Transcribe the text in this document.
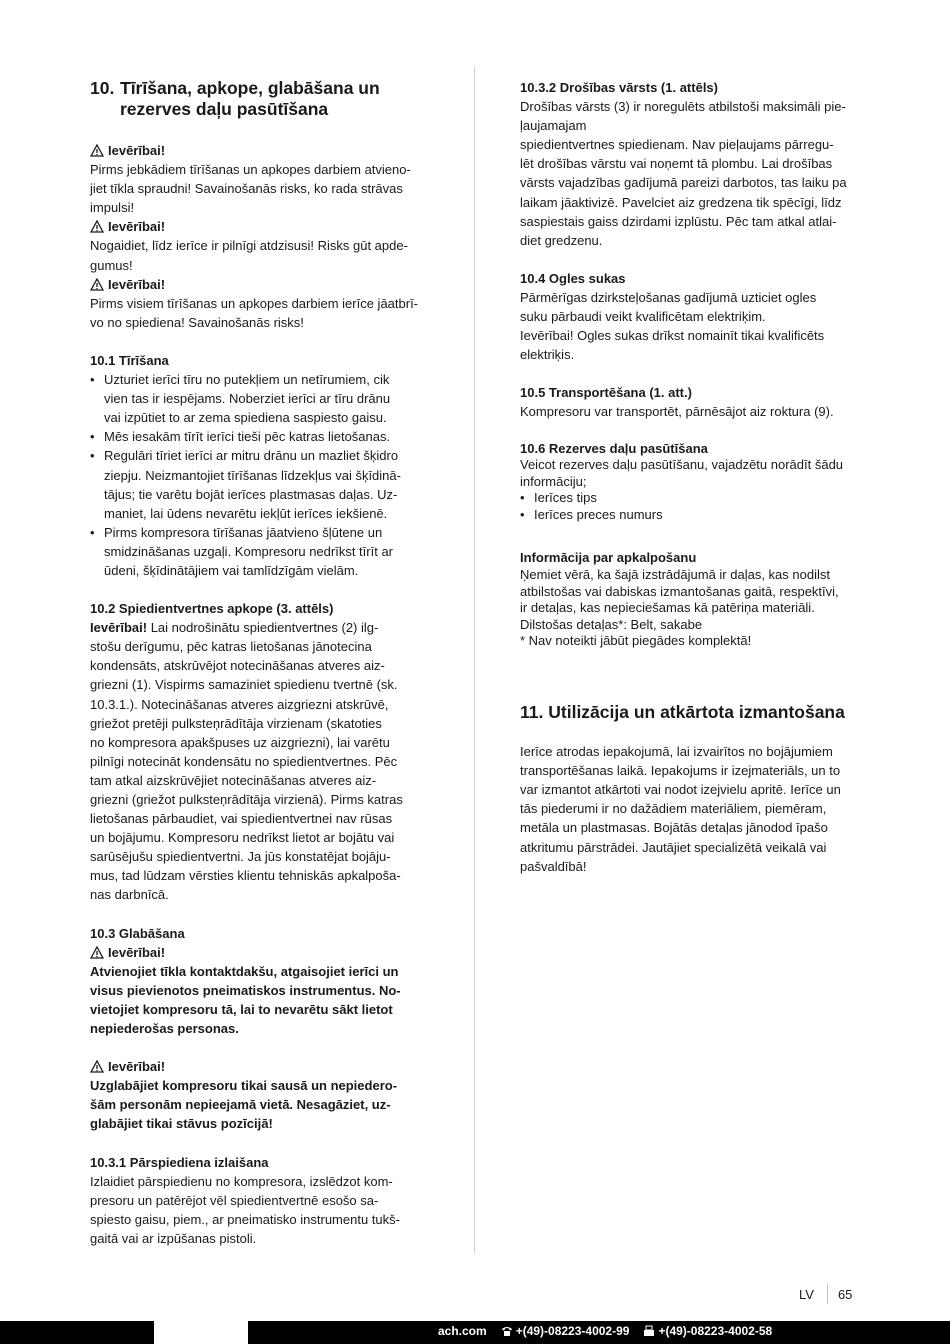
10. Tīrīšana, apkope, glabāšana un
rezerves daļu pasūtīšana
Ievērībai!

Pirms jebkādiem tīrīšanas un apkopes darbiem atvieno-
jiet tīkla spraudni! Savainošanās risks, ko rada strāvas
impulsi!

Ievērībai!

Nogaidiet, līdz ierīce ir pilnīgi atdzisusi! Risks gūt apde-
gumus!

Ievērībai!

Pirms visiem tīrīšanas un apkopes darbiem ierīce jāatbrī-
vo no spiediena! Savainošanās risks!

10.1 Tīrīšana

• Uzturiet ierīci tīru no putekļiem un netīrumiem, cik
vien tas ir iespējams. Noberziet ierīci ar tīru drānu
vai izpūtiet to ar zema spiediena saspiesto gaisu.
• Mēs iesakām tīrīt ierīci tieši pēc katras lietošanas.
• Regulāri tīriet ierīci ar mitru drānu un mazliet šķidro
ziepju. Neizmantojiet tīrīšanas līdzekļus vai šķīdinā-
tājus; tie varētu bojāt ierīces plastmasas daļas. Uz-
maniet, lai ūdens nevarētu iekļūt ierīces iekšienē.
• Pirms kompresora tīrīšanas jāatvieno šļūtene un
smidzināšanas uzgaļi. Kompresoru nedrīkst tīrīt ar
ūdeni, šķīdinātājiem vai tamlīdzīgām vielām.

10.2 Spiedientvertnes apkope (3. attēls)

Ievērībai! Lai nodrošinātu spiedientvertnes (2) ilg-
stošu derīgumu, pēc katras lietošanas jānotecina
kondensāts, atskrūvējot notecināšanas atveres aiz-
griezni (1). Vispirms samaziniet spiedienu tvertnē (sk.
10.3.1.). Notecināšanas atveres aizgriezni atskrūvē,
griežot pretēji pulksteņrādītāja virzienam (skatoties
no kompresora apakšpuses uz aizgriezni), lai varētu
pilnīgi notecināt kondensātu no spiedientvertnes. Pēc
tam atkal aizskrūvējiet notecināšanas atveres aiz-
griezni (griežot pulksteņrādītāja virzienā). Pirms katras
lietošanas pārbaudiet, vai spiedientvertnei nav rūsas
un bojājumu. Kompresoru nedrīkst lietot ar bojātu vai
sarūsējušu spiedientvertni. Ja jūs konstatējat bojāju-
mus, tad lūdzam vērsties klientu tehniskās apkalpoša-
nas darbnīcā.

10.3 Glabāšana

Ievērībai!

Atvienojiet tīkla kontaktdakšu, atgaisojiet ierīci un
visus pievienotos pneimatiskos instrumentus. No-
vietojiet kompresoru tā, lai to nevarētu sākt lietot
nepiederošas personas.

Ievērībai!

Uzglabājiet kompresoru tikai sausā un nepiedero-
šām personām nepieejamā vietā. Nesagāziet, uz-
glabājiet tikai stāvus pozīcijā!

10.3.1 Pārspiediena izlaišana

Izlaidiet pārspiedienu no kompresora, izslēdzot kom-
presoru un patērējot vēl spiedientvertnē esošo sa-
spiesto gaisu, piem., ar pneimatisko instrumentu tukš-
gaitā vai ar izpūšanas pistoli.

10.3.2 Drošības vārsts (1. attēls)

Drošības vārsts (3) ir noregulēts atbilstoši maksimāli pie-
ļaujamajam
spiedientvertnes spiedienam. Nav pieļaujams pārregu-
lēt drošības vārstu vai noņemt tā plombu. Lai drošības
vārsts vajadzības gadījumā pareizi darbotos, tas laiku pa
laikam jāaktivizē. Pavelciet aiz gredzena tik spēcīgi, līdz
saspiestais gaiss dzirdami izplūstu. Pēc tam atkal atlai-
diet gredzenu.

10.4 Ogles sukas

Pārmērīgas dzirksteļošanas gadījumā uzticiet ogles
suku pārbaudi veikt kvalificētam elektriķim.
Ievērībai! Ogles sukas drīkst nomainīt tikai kvalificēts
elektriķis.

10.5 Transportēšana (1. att.)

Kompresoru var transportēt, pārnēsājot aiz roktura (9).

10.6 Rezerves daļu pasūtīšana

Veicot rezerves daļu pasūtīšanu, vajadzētu norādīt šādu
informāciju;

• Ierīces tips
• Ierīces preces numurs

Informācija par apkalpošanu

Ņemiet vērā, ka šajā izstrādājumā ir daļas, kas nodilst
atbilstošas vai dabiskas izmantošanas gaitā, respektīvi,
ir detaļas, kas nepieciešamas kā patēriņa materiāli.
Dilstošas detaļas*: Belt, sakabe
* Nav noteikti jābūt piegādes komplektā!

11. Utilizācija un atkārtota izmantošana

Ierīce atrodas iepakojumā, lai izvairītos no bojājumiem
transportēšanas laikā. Iepakojums ir izejmateriāls, un to
var izmantot atkārtoti vai nodot izejvielu apritē. Ierīce un
tās piederumi ir no dažādiem materiāliem, piemēram,
metāla un plastmasas. Bojātās detaļas jānodod īpašo
atkritumu pārstrādei. Jautājiet specializētā veikalā vai
pašvaldībā!

LV 65
ach.com +(49)-08223-4002-99 +(49)-08223-4002-58
